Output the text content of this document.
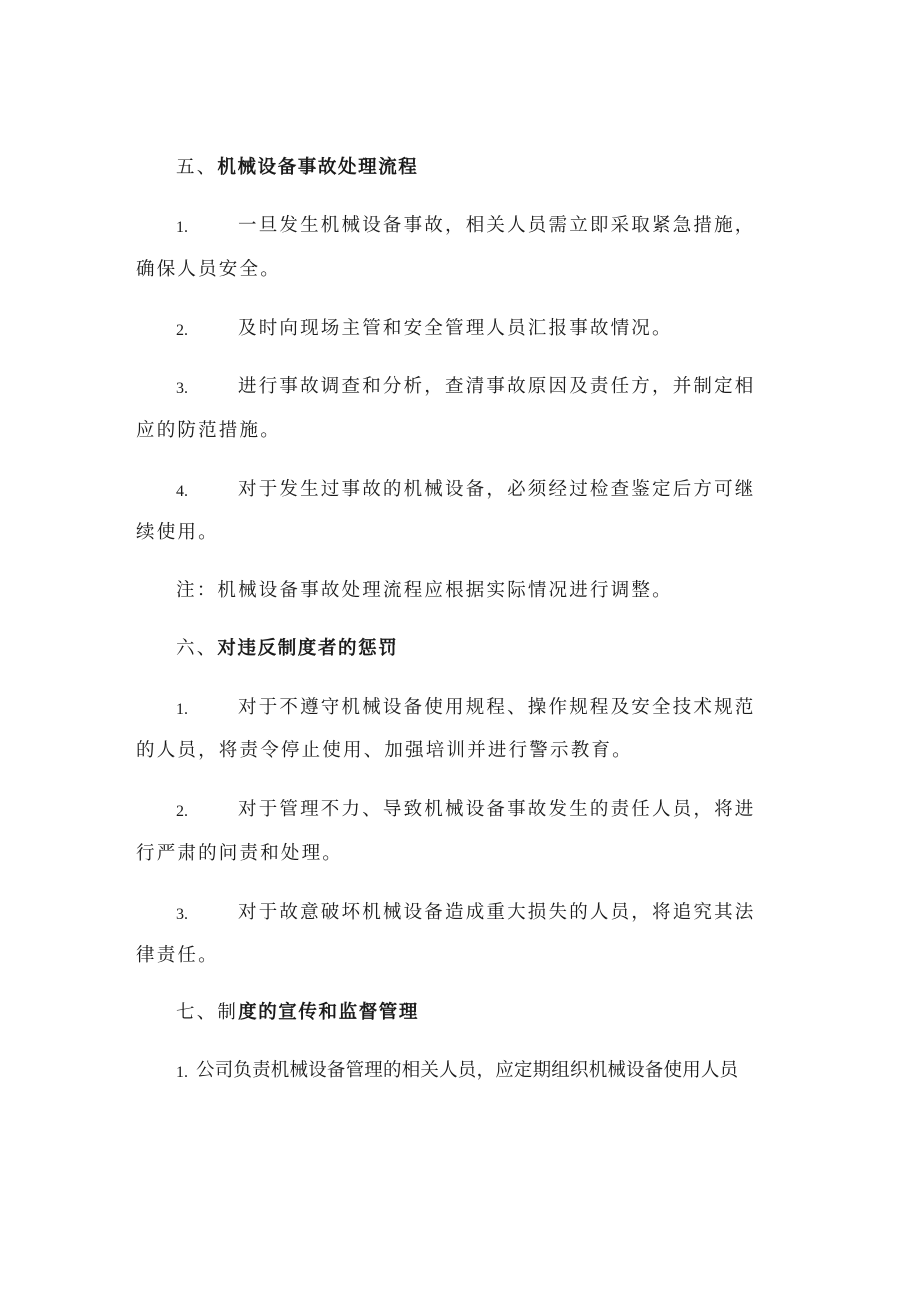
五、机械设备事故处理流程
1.	一旦发生机械设备事故，相关人员需立即采取紧急措施，
确保人员安全。
2.	及时向现场主管和安全管理人员汇报事故情况。
3.	进行事故调查和分析，查清事故原因及责任方，并制定相
应的防范措施。
4.	对于发生过事故的机械设备，必须经过检查鉴定后方可继
续使用。
注：机械设备事故处理流程应根据实际情况进行调整。
六、对违反制度者的惩罚
1.	对于不遵守机械设备使用规程、操作规程及安全技术规范
的人员，将责令停止使用、加强培训并进行警示教育。
2.	对于管理不力、导致机械设备事故发生的责任人员，将进
行严肃的问责和处理。
3.	对于故意破坏机械设备造成重大损失的人员，将追究其法
律责任。
七、制度的宣传和监督管理
1. 公司负责机械设备管理的相关人员，应定期组织机械设备使用人员
